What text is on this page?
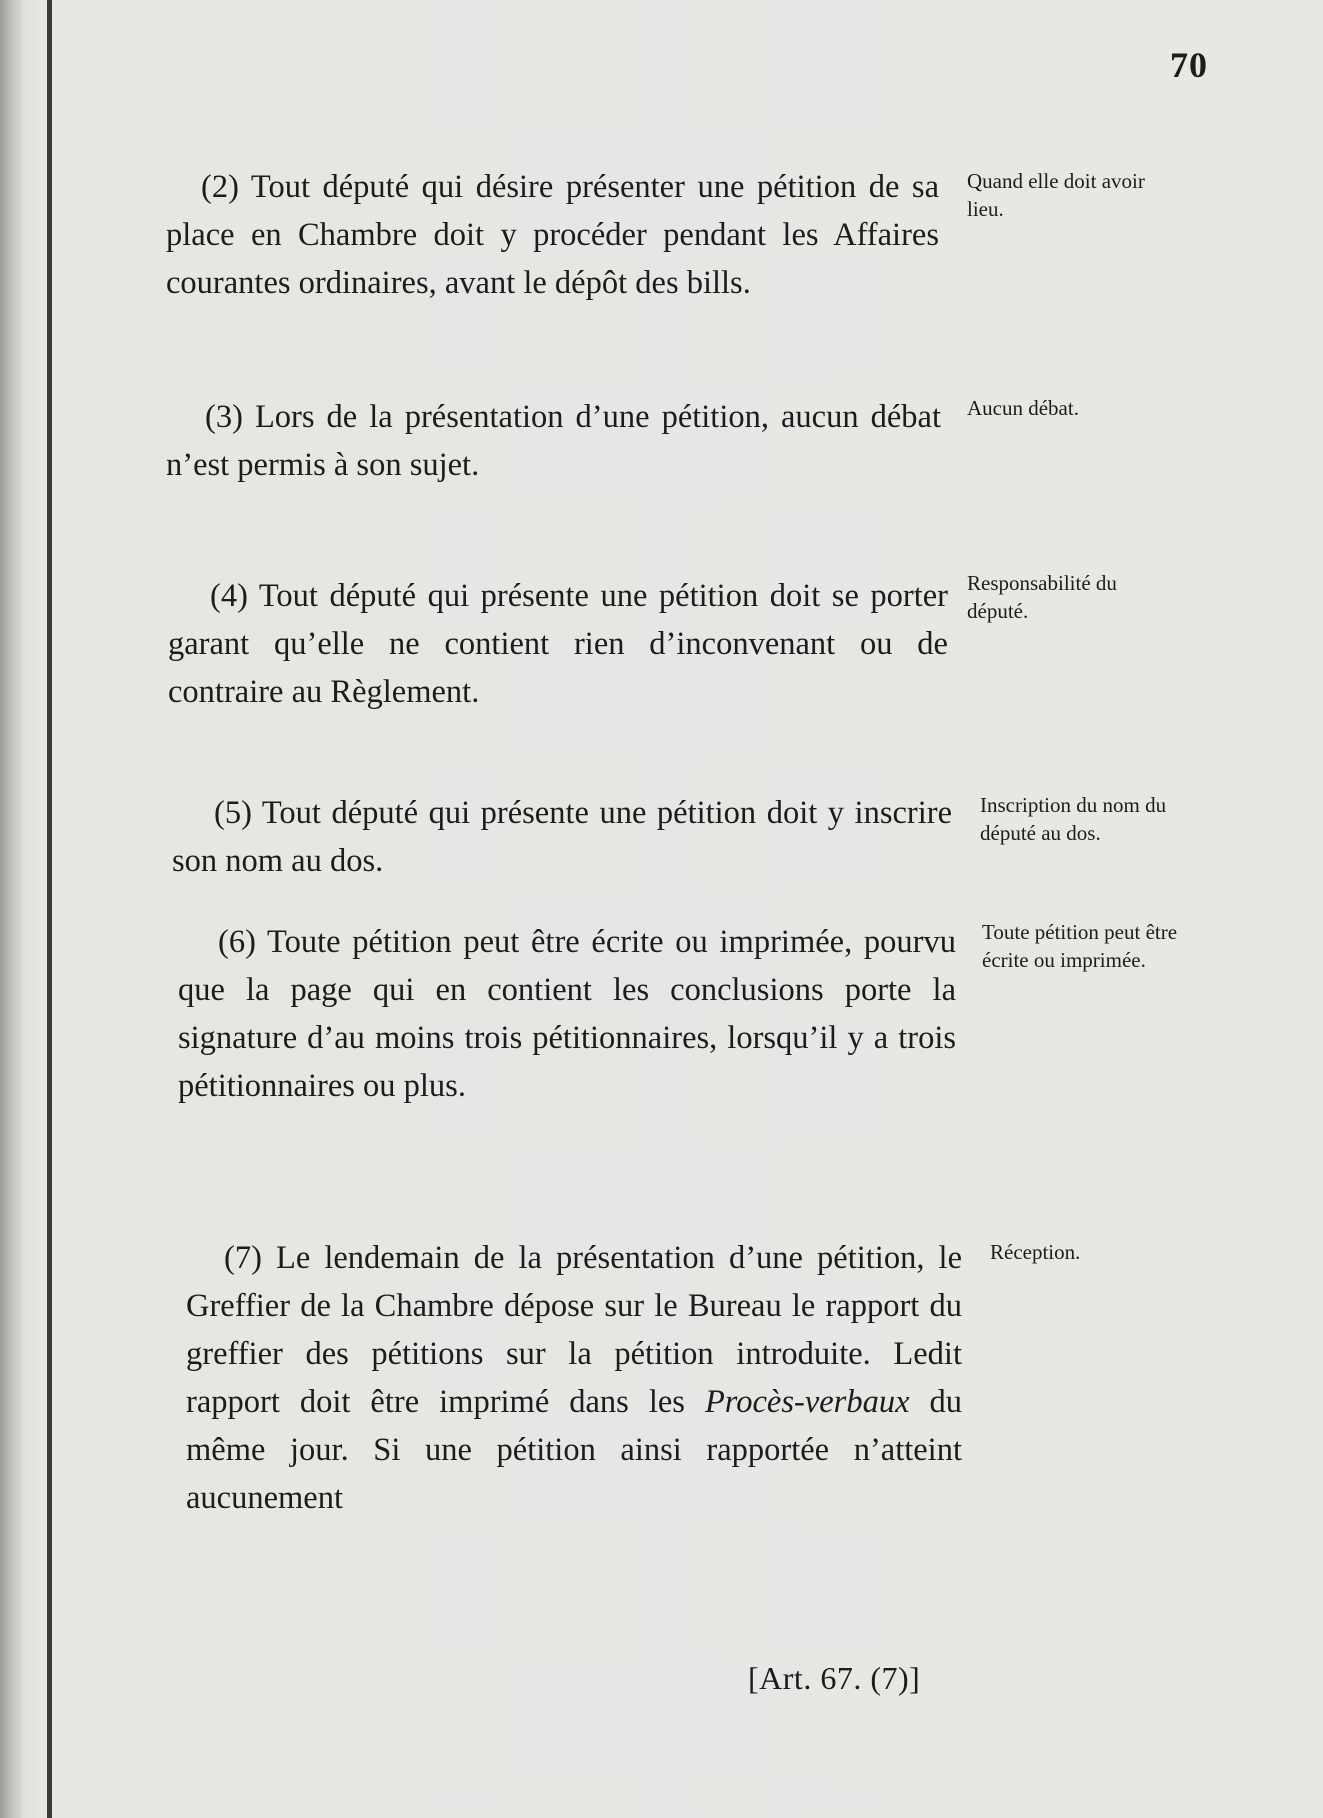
70

(2) Tout député qui désire présenter une pétition de sa place en Chambre doit y procéder pendant les Affaires courantes ordinaires, avant le dépôt des bills.

Quand elle doit avoir lieu.

(3) Lors de la présentation d’une pétition, aucun débat n’est permis à son sujet.

Aucun débat.

(4) Tout député qui présente une pétition doit se porter garant qu’elle ne contient rien d’inconvenant ou de contraire au Règlement.

Responsabilité du député.

(5) Tout député qui présente une pétition doit y inscrire son nom au dos.

Inscription du nom du député au dos.

(6) Toute pétition peut être écrite ou imprimée, pourvu que la page qui en contient les conclusions porte la signature d’au moins trois pétitionnaires, lorsqu’il y a trois pétitionnaires ou plus.

Toute pétition peut être écrite ou imprimée.

(7) Le lendemain de la présentation d’une pétition, le Greffier de la Chambre dépose sur le Bureau le rapport du greffier des pétitions sur la pétition introduite. Ledit rapport doit être imprimé dans les Procès-verbaux du même jour. Si une pétition ainsi rapportée n’atteint aucunement

Réception.
[Art. 67. (7)]
